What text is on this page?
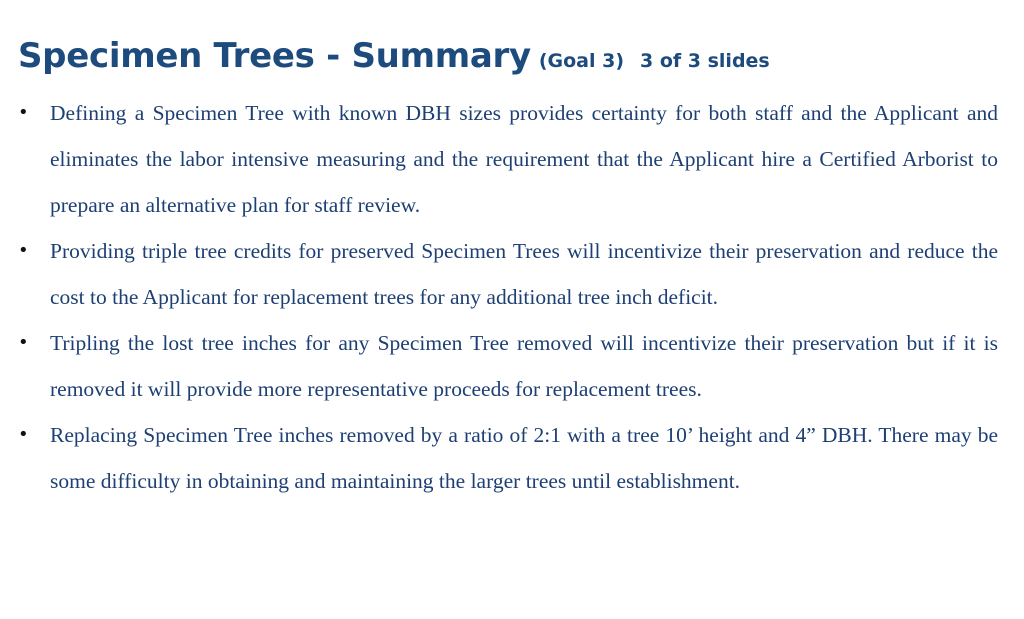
Specimen Trees - Summary (Goal 3) 3 of 3 slides
• Defining a Specimen Tree with known DBH sizes provides certainty for both staff and the Applicant and eliminates the labor intensive measuring and the requirement that the Applicant hire a Certified Arborist to prepare an alternative plan for staff review.
• Providing triple tree credits for preserved Specimen Trees will incentivize their preservation and reduce the cost to the Applicant for replacement trees for any additional tree inch deficit.
• Tripling the lost tree inches for any Specimen Tree removed will incentivize their preservation but if it is removed it will provide more representative proceeds for replacement trees.
• Replacing Specimen Tree inches removed by a ratio of 2:1 with a tree 10’ height and 4” DBH. There may be some difficulty in obtaining and maintaining the larger trees until establishment.
